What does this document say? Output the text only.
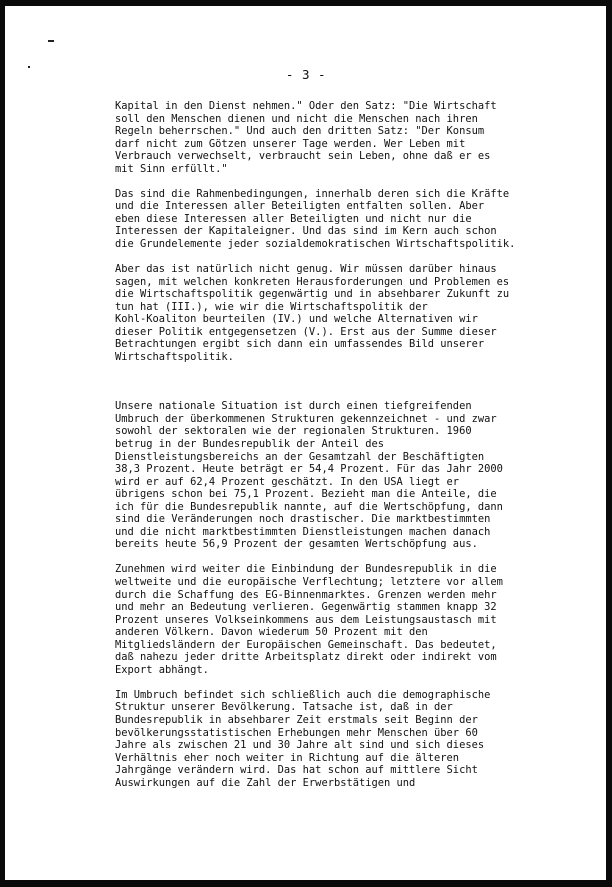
- 3 -

Kapital in den Dienst nehmen." Oder den Satz: "Die Wirtschaft
soll den Menschen dienen und nicht die Menschen nach ihren
Regeln beherrschen." Und auch den dritten Satz: "Der Konsum
darf nicht zum Götzen unserer Tage werden. Wer Leben mit
Verbrauch verwechselt, verbraucht sein Leben, ohne daß er es
mit Sinn erfüllt."

Das sind die Rahmenbedingungen, innerhalb deren sich die Kräfte
und die Interessen aller Beteiligten entfalten sollen. Aber
eben diese Interessen aller Beteiligten und nicht nur die
Interessen der Kapitaleigner. Und das sind im Kern auch schon
die Grundelemente jeder sozialdemokratischen Wirtschaftspolitik.

Aber das ist natürlich nicht genug. Wir müssen darüber hinaus
sagen, mit welchen konkreten Herausforderungen und Problemen es
die Wirtschaftspolitik gegenwärtig und in absehbarer Zukunft zu
tun hat (III.), wie wir die Wirtschaftspolitik der
Kohl-Koaliton beurteilen (IV.) und welche Alternativen wir
dieser Politik entgegensetzen (V.). Erst aus der Summe dieser
Betrachtungen ergibt sich dann ein umfassendes Bild unserer
Wirtschaftspolitik.

Unsere nationale Situation ist durch einen tiefgreifenden
Umbruch der überkommenen Strukturen gekennzeichnet - und zwar
sowohl der sektoralen wie der regionalen Strukturen. 1960
betrug in der Bundesrepublik der Anteil des
Dienstleistungsbereichs an der Gesamtzahl der Beschäftigten
38,3 Prozent. Heute beträgt er 54,4 Prozent. Für das Jahr 2000
wird er auf 62,4 Prozent geschätzt. In den USA liegt er
übrigens schon bei 75,1 Prozent. Bezieht man die Anteile, die
ich für die Bundesrepublik nannte, auf die Wertschöpfung, dann
sind die Veränderungen noch drastischer. Die marktbestimmten
und die nicht marktbestimmten Dienstleistungen machen danach
bereits heute 56,9 Prozent der gesamten Wertschöpfung aus.

Zunehmen wird weiter die Einbindung der Bundesrepublik in die
weltweite und die europäische Verflechtung; letztere vor allem
durch die Schaffung des EG-Binnenmarktes. Grenzen werden mehr
und mehr an Bedeutung verlieren. Gegenwärtig stammen knapp 32
Prozent unseres Volkseinkommens aus dem Leistungsaustasch mit
anderen Völkern. Davon wiederum 50 Prozent mit den
Mitgliedsländern der Europäischen Gemeinschaft. Das bedeutet,
daß nahezu jeder dritte Arbeitsplatz direkt oder indirekt vom
Export abhängt.

Im Umbruch befindet sich schließlich auch die demographische
Struktur unserer Bevölkerung. Tatsache ist, daß in der
Bundesrepublik in absehbarer Zeit erstmals seit Beginn der
bevölkerungsstatistischen Erhebungen mehr Menschen über 60
Jahre als zwischen 21 und 30 Jahre alt sind und sich dieses
Verhältnis eher noch weiter in Richtung auf die älteren
Jahrgänge verändern wird. Das hat schon auf mittlere Sicht
Auswirkungen auf die Zahl der Erwerbstätigen und
